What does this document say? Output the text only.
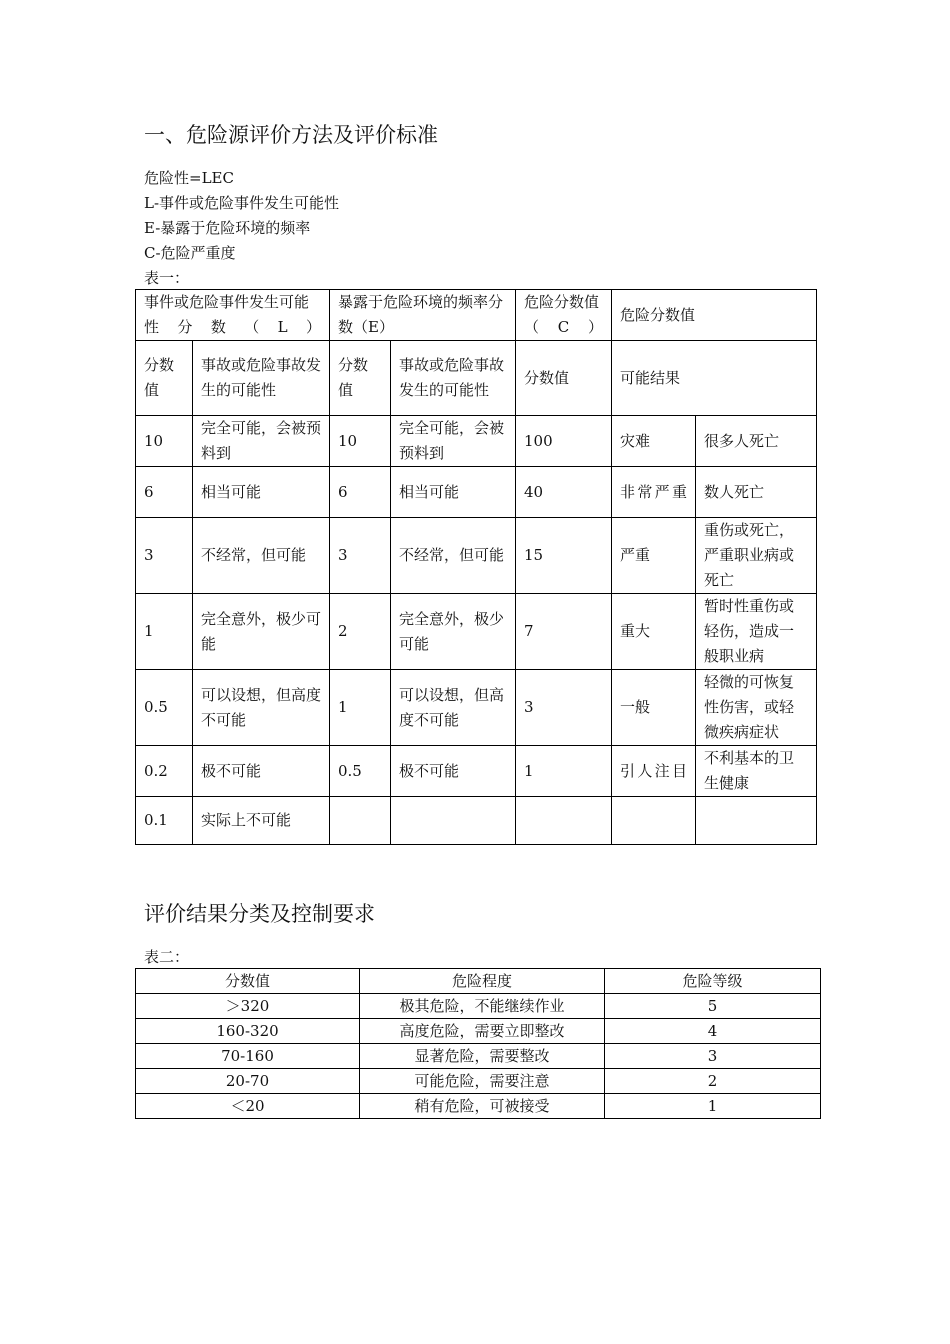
一、危险源评价方法及评价标准

危险性=LEC

L-事件或危险事件发生可能性

E-暴露于危险环境的频率

C-危险严重度

表一：

事件或危险事件发生可能性分数（L）		暴露于危险环境的频率分数（E）		危险分数值（C）	危险分数值	
分数值	事故或危险事故发生的可能性	分数值	事故或危险事故发生的可能性	分数值	可能结果	
10	完全可能，会被预料到	10	完全可能，会被预料到	100	灾难	很多人死亡
6	相当可能	6	相当可能	40	非常严重	数人死亡
3	不经常，但可能	3	不经常，但可能	15	严重	重伤或死亡，严重职业病或死亡
1	完全意外，极少可能	2	完全意外，极少可能	7	重大	暂时性重伤或轻伤，造成一般职业病
0.5	可以设想，但高度不可能	1	可以设想，但高度不可能	3	一般	轻微的可恢复性伤害，或轻微疾病症状
0.2	极不可能	0.5	极不可能	1	引人注目	不利基本的卫生健康
0.1	实际上不可能					
评价结果分类及控制要求

表二：

分数值	危险程度	危险等级
＞320	极其危险，不能继续作业	5
160-320	高度危险，需要立即整改	4
70-160	显著危险，需要整改	3
20-70	可能危险，需要注意	2
＜20	稍有危险，可被接受	1
